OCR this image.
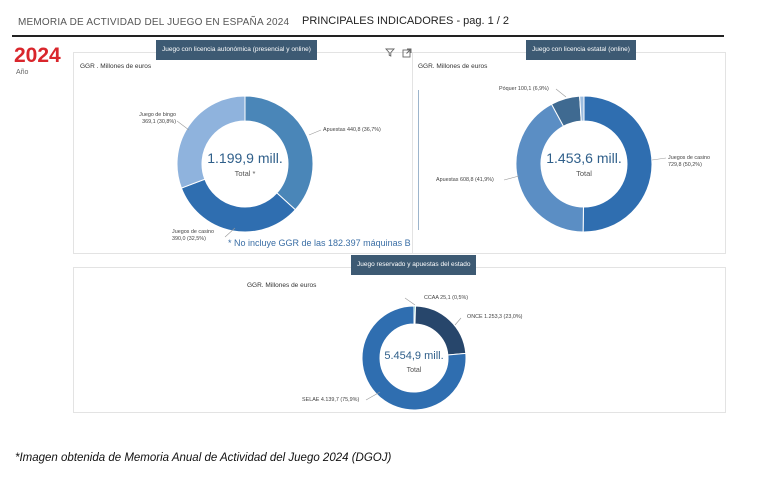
MEMORIA DE ACTIVIDAD DEL JUEGO EN ESPAÑA 2024 PRINCIPALES INDICADORES - pag. 1 / 2
2024
Año
Juego con licencia autonómica (presencial y online)	Juego con licencia estatal (online)
Juego reservado y apuestas del estado
GGR . Millones de euros	GGR. Millones de euros
GGR. Millones de euros
1.199,9 mill.
Total *
1.453,6 mill.
Total
5.454,9 mill.
Total
Apuestas 440,8 (36,7%)
Juegos de casino 390,0 (32,5%)
Juego de bingo 369,1 (30,8%)
Juegos de casino 729,8 (50,2%)
Apuestas 608,8 (41,9%)
Póquer 100,1 (6,9%)
CCAA 25,1 (0,5%)
ONCE 1.253,3 (23,0%)
SELAE 4.139,7 (75,9%)
* No incluye GGR de las 182.397 máquinas B
*Imagen obtenida de Memoria Anual de Actividad del Juego 2024 (DGOJ)
